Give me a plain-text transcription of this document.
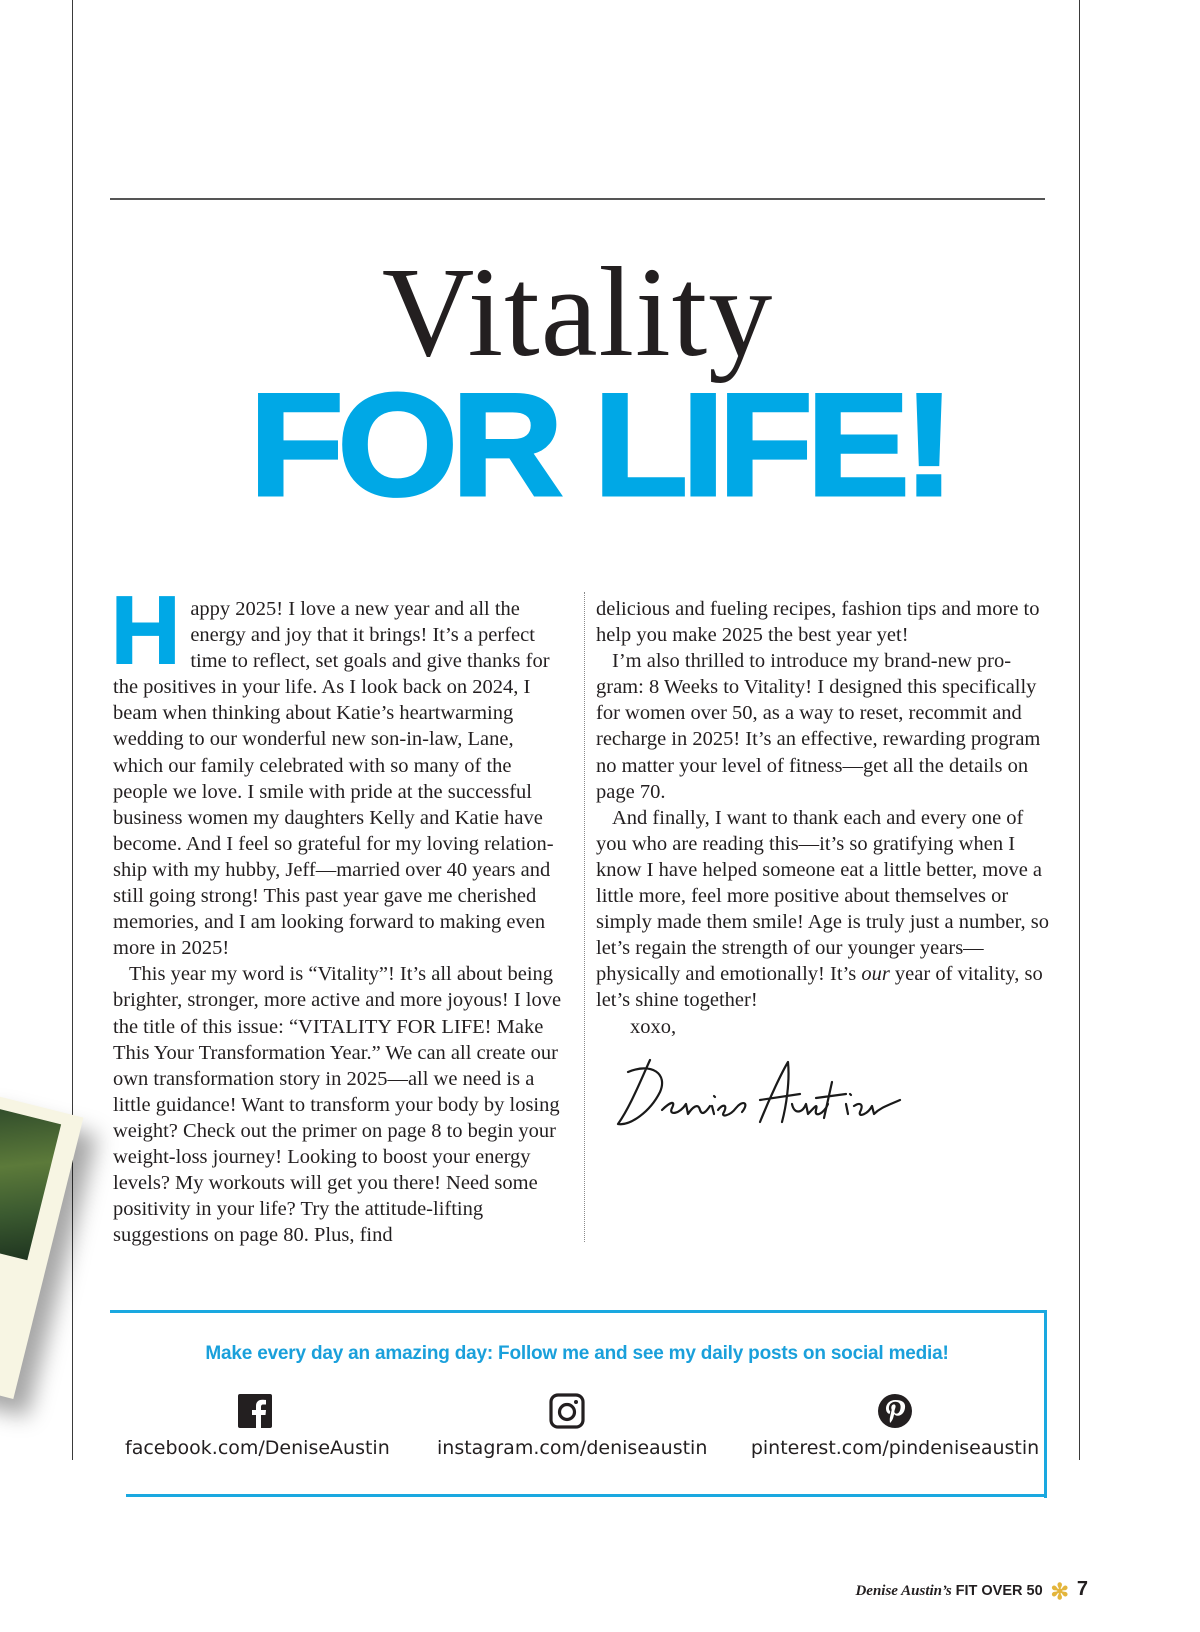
Vitality
FOR LIFE!

Happy 2025! I love a new year and all the energy and joy that it brings! It’s a perfect time to reflect, set goals and give thanks for the positives in your life. As I look back on 2024, I beam when thinking about Katie’s heartwarming wedding to our wonderful new son-in-law, Lane, which our family celebrated with so many of the people we love. I smile with pride at the successful business women my daughters Kelly and Katie have become. And I feel so grateful for my loving relation-ship with my hubby, Jeff—married over 40 years and still going strong! This past year gave me cherished memories, and I am looking forward to making even more in 2025!

This year my word is “Vitality”! It’s all about being brighter, stronger, more active and more joyous! I love the title of this issue: “VITALITY FOR LIFE! Make This Your Transformation Year.” We can all create our own transformation story in 2025—all we need is a little guidance! Want to transform your body by losing weight? Check out the primer on page 8 to begin your weight-loss journey! Looking to boost your energy levels? My workouts will get you there! Need some positivity in your life? Try the attitude-lifting suggestions on page 80. Plus, find

delicious and fueling recipes, fashion tips and more to help you make 2025 the best year yet!

I’m also thrilled to introduce my brand-new pro-gram: 8 Weeks to Vitality! I designed this specifically for women over 50, as a way to reset, recommit and recharge in 2025! It’s an effective, rewarding program no matter your level of fitness—get all the details on page 70.

And finally, I want to thank each and every one of you who are reading this—it’s so gratifying when I know I have helped someone eat a little better, move a little more, feel more positive about themselves or simply made them smile! Age is truly just a number, so let’s regain the strength of our younger years—physically and emotionally! It’s our year of vitality, so let’s shine together!

xoxo,

Make every day an amazing day: Follow me and see my daily posts on social media!
facebook.com/DeniseAustin instagram.com/deniseaustin	pinterest.com/pindeniseaustin
Denise Austin’s FIT OVER 50 ✻ 7
